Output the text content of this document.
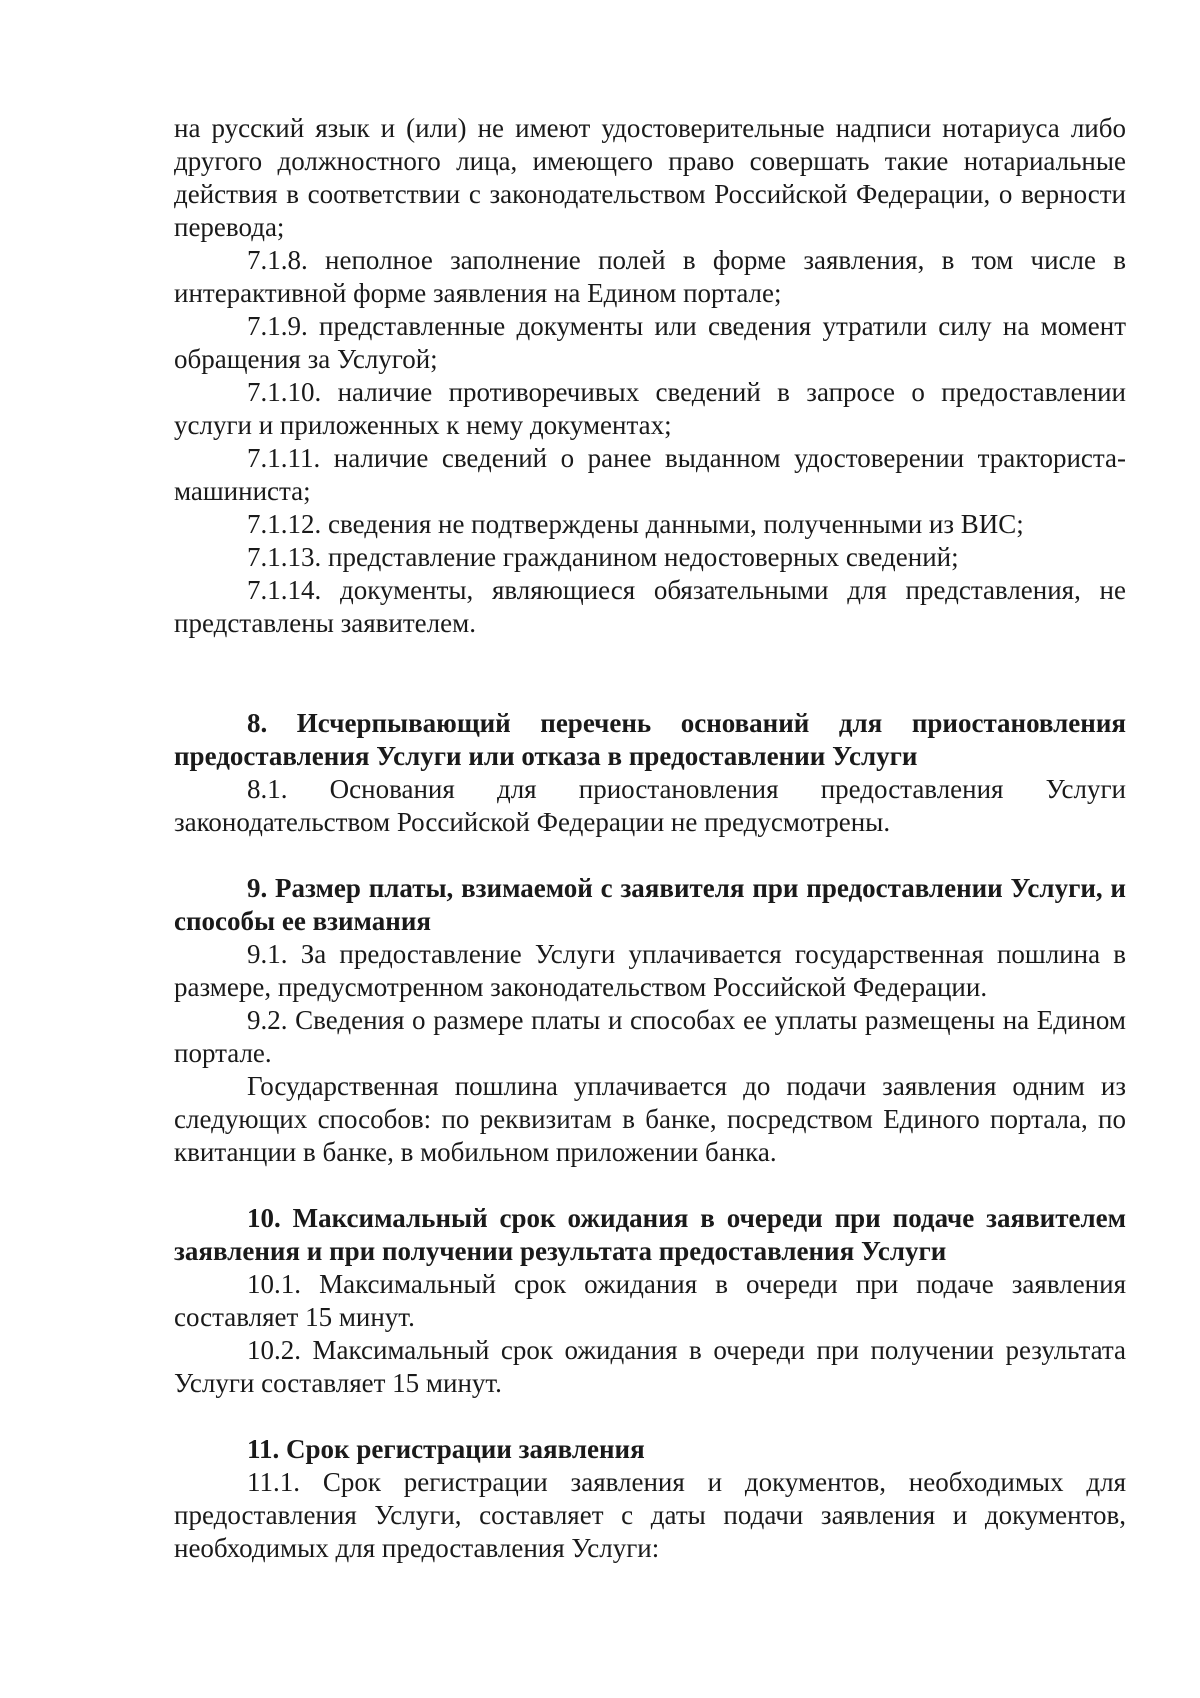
на русский язык и (или) не имеют удостоверительные надписи нотариуса либо другого должностного лица, имеющего право совершать такие нотариальные действия в соответствии с законодательством Российской Федерации, о верности перевода;

7.1.8. неполное заполнение полей в форме заявления, в том числе в интерактивной форме заявления на Едином портале;

7.1.9. представленные документы или сведения утратили силу на момент обращения за Услугой;

7.1.10. наличие противоречивых сведений в запросе о предоставлении услуги и приложенных к нему документах;

7.1.11. наличие сведений о ранее выданном удостоверении тракториста-машиниста;

7.1.12. сведения не подтверждены данными, полученными из ВИС;

7.1.13. представление гражданином недостоверных сведений;

7.1.14. документы, являющиеся обязательными для представления, не представлены заявителем.

8. Исчерпывающий перечень оснований для приостановления предоставления Услуги или отказа в предоставлении Услуги

8.1. Основания для приостановления предоставления Услуги законодательством Российской Федерации не предусмотрены.

9. Размер платы, взимаемой с заявителя при предоставлении Услуги, и способы ее взимания

9.1. За предоставление Услуги уплачивается государственная пошлина в размере, предусмотренном законодательством Российской Федерации.

9.2. Сведения о размере платы и способах ее уплаты размещены на Едином портале.

Государственная пошлина уплачивается до подачи заявления одним из следующих способов: по реквизитам в банке, посредством Единого портала, по квитанции в банке, в мобильном приложении банка.

10. Максимальный срок ожидания в очереди при подаче заявителем заявления и при получении результата предоставления Услуги

10.1. Максимальный срок ожидания в очереди при подаче заявления составляет 15 минут.

10.2. Максимальный срок ожидания в очереди при получении результата Услуги составляет 15 минут.

11. Срок регистрации заявления

11.1. Срок регистрации заявления и документов, необходимых для предоставления Услуги, составляет с даты подачи заявления и документов, необходимых для предоставления Услуги:
